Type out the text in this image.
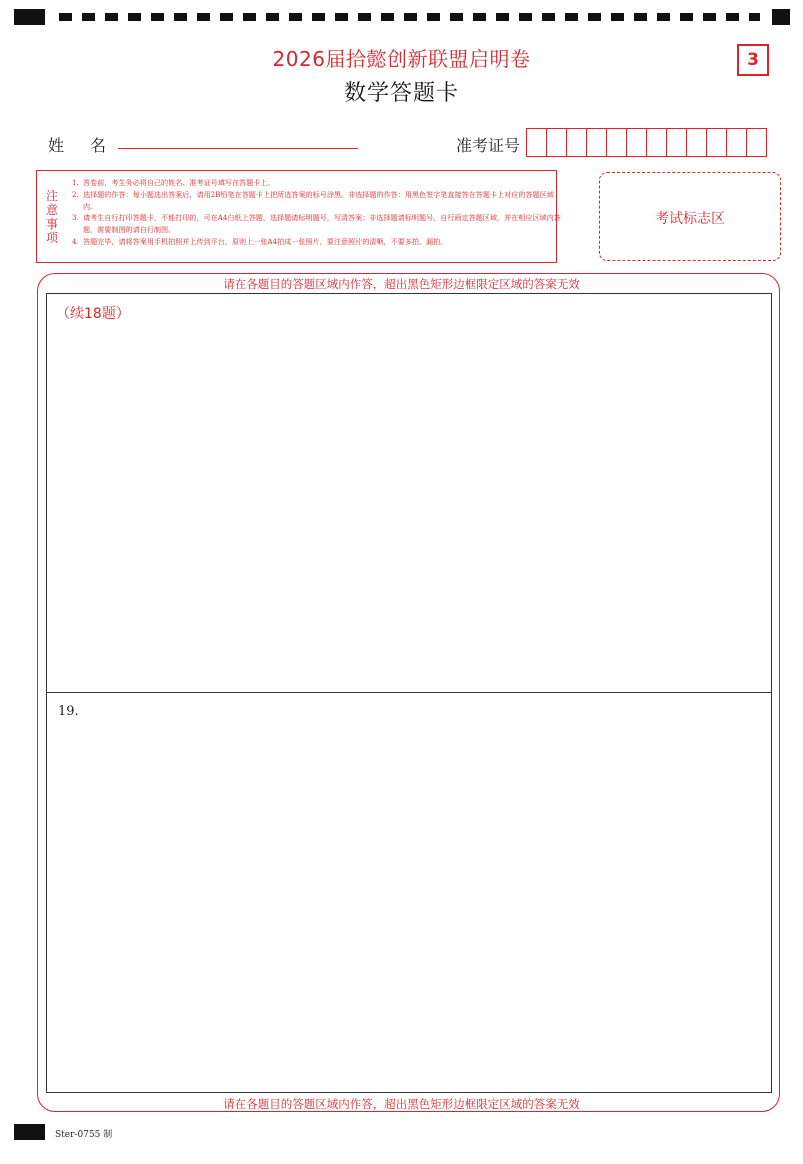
2026届拾懿创新联盟启明卷
数学答题卡
3
姓名	准考证号
注意事项
1. 答卷前，考生务必将自己的姓名、准考证号填写在答题卡上。
2. 选择题的作答：每小题选出答案后，请用2B铅笔在答题卡上把所选答案的标号涂黑。非选择题的作答：用黑色签字笔直接答在答题卡上对应的答题区域内。
3. 请考生自行打印答题卡，不能打印的，可在A4白纸上答题，选择题请标明题号，写清答案；非选择题请标明题号，自行画定答题区域，并在相应区域内答题，需要制图的请自行制图。
4. 答题完毕，请将答案用手机拍照并上传到平台，原则上一张A4拍成一张照片，要注意照片的清晰，不要多拍、漏拍。
考试标志区
请在各题目的答题区域内作答，超出黑色矩形边框限定区域的答案无效
（续18题）
19.
请在各题目的答题区域内作答，超出黑色矩形边框限定区域的答案无效
Ster-0755 制
